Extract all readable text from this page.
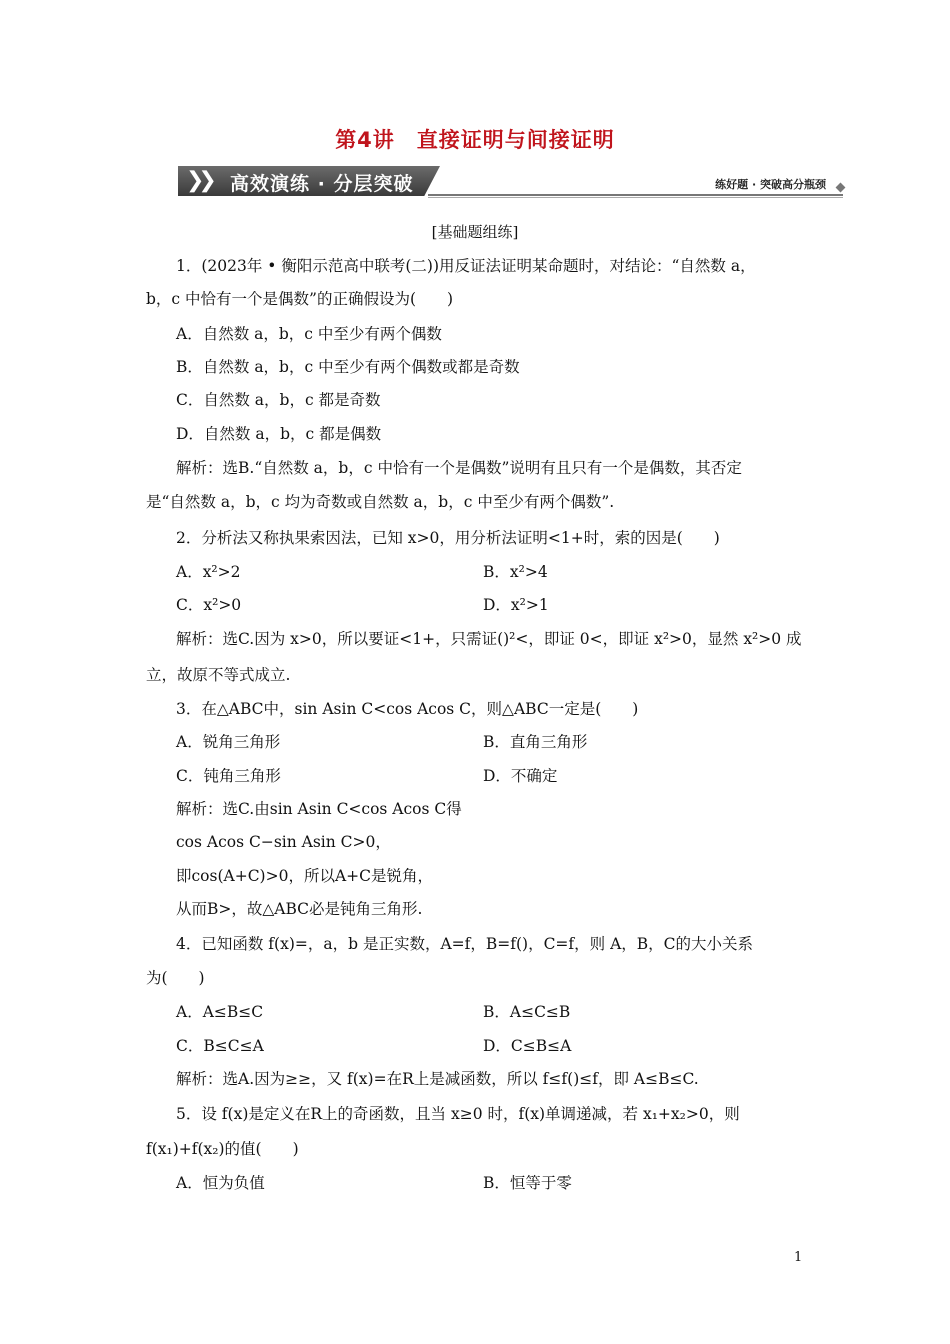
第4讲　直接证明与间接证明
❯❯ 高效演练 · 分层突破	练好题 · 突破高分瓶颈
[基础题组练]
1．(2023年 • 衡阳示范高中联考(二))用反证法证明某命题时，对结论：“自然数 a，
b，c 中恰有一个是偶数”的正确假设为(　　)
A．自然数 a，b，c 中至少有两个偶数
B．自然数 a，b，c 中至少有两个偶数或都是奇数
C．自然数 a，b，c 都是奇数
D．自然数 a，b，c 都是偶数
解析：选B.“自然数 a，b，c 中恰有一个是偶数”说明有且只有一个是偶数，其否定
是“自然数 a，b，c 均为奇数或自然数 a，b，c 中至少有两个偶数”.
2．分析法又称执果索因法，已知 x>0，用分析法证明<1+时，索的因是(　　)
A．x²>2	B．x²>4
C．x²>0	D．x²>1
解析：选C.因为 x>0，所以要证<1+，只需证()²<，即证 0<，即证 x²>0，显然 x²>0 成
立，故原不等式成立.
3．在△ABC中，sin Asin C<cos Acos C，则△ABC一定是(　　)
A．锐角三角形	B．直角三角形
C．钝角三角形	D．不确定
解析：选C.由sin Asin C<cos Acos C得
cos Acos C−sin Asin C>0，
即cos(A+C)>0，所以A+C是锐角，
从而B>，故△ABC必是钝角三角形.
4．已知函数 f(x)=，a，b 是正实数，A=f，B=f()，C=f，则 A，B，C的大小关系
为(　　)
A．A≤B≤C	B．A≤C≤B
C．B≤C≤A	D．C≤B≤A
解析：选A.因为≥≥，又 f(x)=在R上是减函数，所以 f≤f()≤f，即 A≤B≤C.
5．设 f(x)是定义在R上的奇函数，且当 x≥0 时，f(x)单调递减，若 x₁+x₂>0，则
f(x₁)+f(x₂)的值(　　)
A．恒为负值	B．恒等于零
1
